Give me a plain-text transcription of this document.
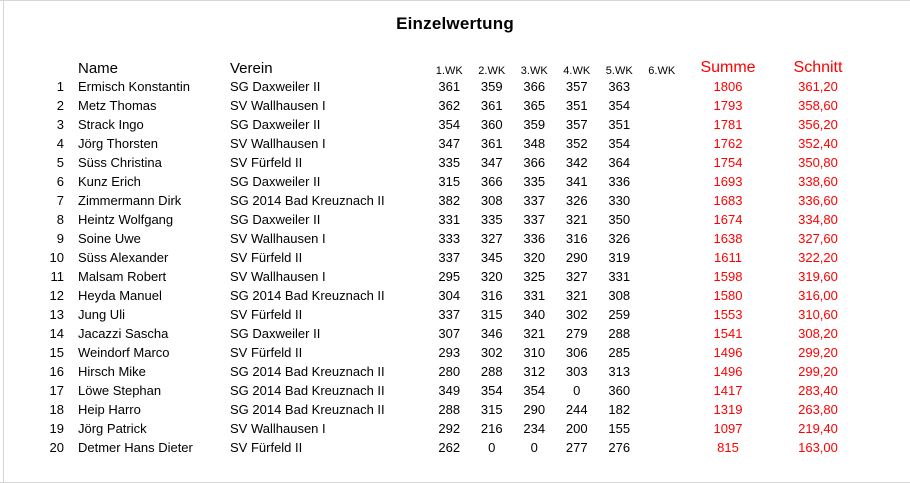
Einzelwertung
	Name	Verein	1.WK	2.WK	3.WK	4.WK	5.WK	6.WK	Summe	Schnitt
1	Ermisch Konstantin	SG Daxweiler II	361	359	366	357	363		1806	361,20
2	Metz Thomas	SV Wallhausen I	362	361	365	351	354		1793	358,60
3	Strack Ingo	SG Daxweiler II	354	360	359	357	351		1781	356,20
4	Jörg Thorsten	SV Wallhausen I	347	361	348	352	354		1762	352,40
5	Süss Christina	SV Fürfeld II	335	347	366	342	364		1754	350,80
6	Kunz Erich	SG Daxweiler II	315	366	335	341	336		1693	338,60
7	Zimmermann Dirk	SG 2014 Bad Kreuznach II	382	308	337	326	330		1683	336,60
8	Heintz Wolfgang	SG Daxweiler II	331	335	337	321	350		1674	334,80
9	Soine Uwe	SV Wallhausen I	333	327	336	316	326		1638	327,60
10	Süss Alexander	SV Fürfeld II	337	345	320	290	319		1611	322,20
11	Malsam Robert	SV Wallhausen I	295	320	325	327	331		1598	319,60
12	Heyda Manuel	SG 2014 Bad Kreuznach II	304	316	331	321	308		1580	316,00
13	Jung Uli	SV Fürfeld II	337	315	340	302	259		1553	310,60
14	Jacazzi Sascha	SG Daxweiler II	307	346	321	279	288		1541	308,20
15	Weindorf Marco	SV Fürfeld II	293	302	310	306	285		1496	299,20
16	Hirsch Mike	SG 2014 Bad Kreuznach II	280	288	312	303	313		1496	299,20
17	Löwe Stephan	SG 2014 Bad Kreuznach II	349	354	354	0	360		1417	283,40
18	Heip Harro	SG 2014 Bad Kreuznach II	288	315	290	244	182		1319	263,80
19	Jörg Patrick	SV Wallhausen I	292	216	234	200	155		1097	219,40
20	Detmer Hans Dieter	SV Fürfeld II	262	0	0	277	276		815	163,00
